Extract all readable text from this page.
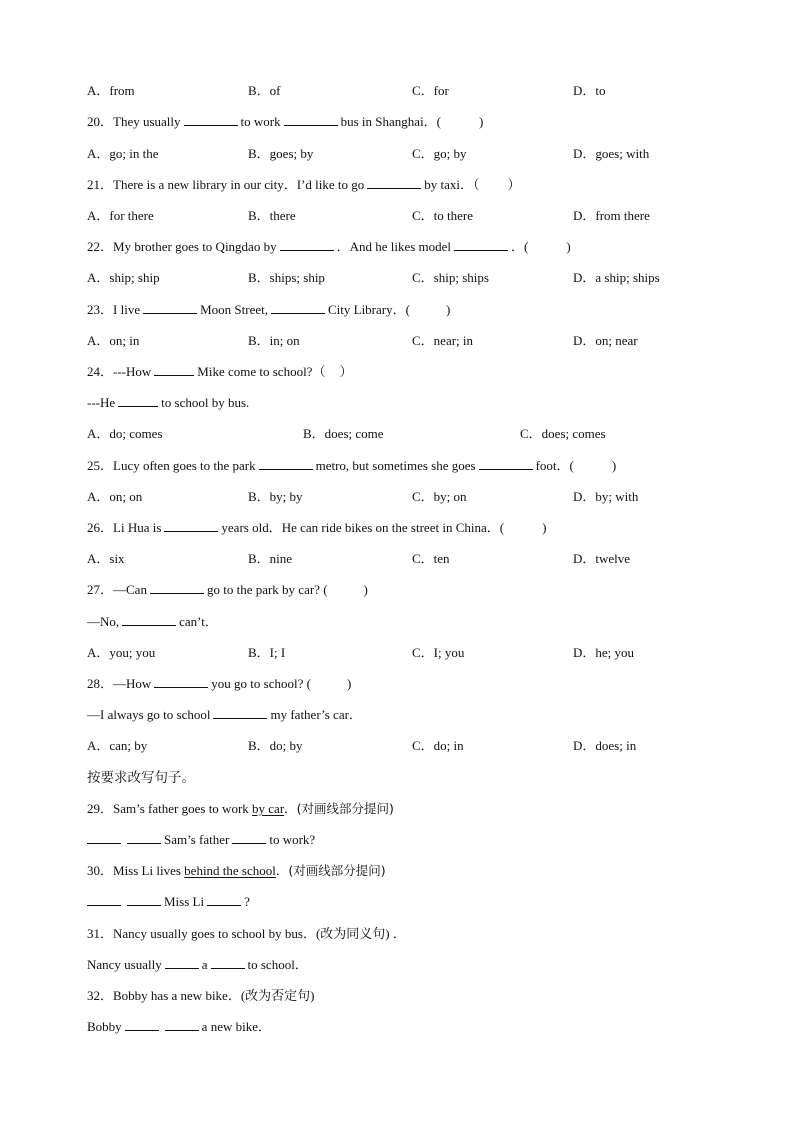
A．from	B．of	C．for	D．to
20．They usually	to work	bus in Shanghai．(	)
A．go; in the	B．goes; by	C．go; by	D．goes; with
21．There is a new library in our city．I’d like to go	by taxi．（ ）
A．for there	B．there	C．to there	D．from there
22．My brother goes to Qingdao by	．And he likes model	．(	)
A．ship; ship	B．ships; ship	C．ship; ships	D．a ship; ships
23．I live	Moon Street,	City Library．(	)
A．on; in	B．in; on	C．near; in	D．on; near
24．---How	Mike come to school?（ ）
---He	to school by bus.
A．do; comes	B．does; come	C．does; comes
25．Lucy often goes to the park	metro, but sometimes she goes	foot．(	)
A．on; on	B．by; by	C．by; on	D．by; with
26．Li Hua is	years old．He can ride bikes on the street in China．(	)
A．six	B．nine	C．ten	D．twelve
27．—Can	go to the park by car? (	)
—No,	can’t．
A．you; you	B．I; I	C．I; you	D．he; you
28．—How	you go to school? (	)
—I always go to school	my father’s car．
A．can; by	B．do; by	C．do; in	D．does; in
按要求改写句子。
29．Sam’s father goes to work by car．(对画线部分提问)
Sam’s father	to work?
30．Miss Li lives behind the school．(对画线部分提问)
Miss Li	?
31．Nancy usually goes to school by bus．(改为同义句) ．
Nancy usually	a	to school．
32．Bobby has a new bike．(改为否定句)
Bobby	a new bike．
